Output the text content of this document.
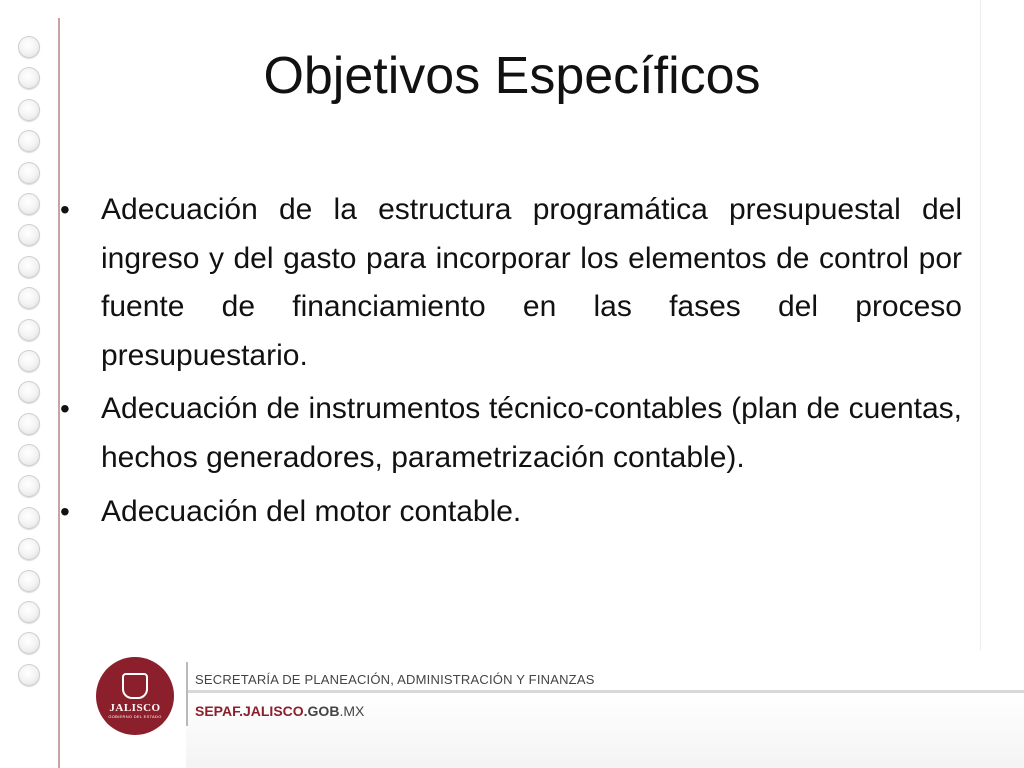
Objetivos Específicos
• Adecuación de la estructura programática presupuestal del ingreso y del gasto para incorporar los elementos de control por fuente de financiamiento en las fases del proceso presupuestario.
• Adecuación de instrumentos técnico-contables (plan de cuentas, hechos generadores, parametrización contable).
• Adecuación del motor contable.
JALISCO
GOBIERNO DEL ESTADO
SECRETARÍA DE PLANEACIÓN, ADMINISTRACIÓN Y FINANZAS
SEPAF.JALISCO.GOB.MX
